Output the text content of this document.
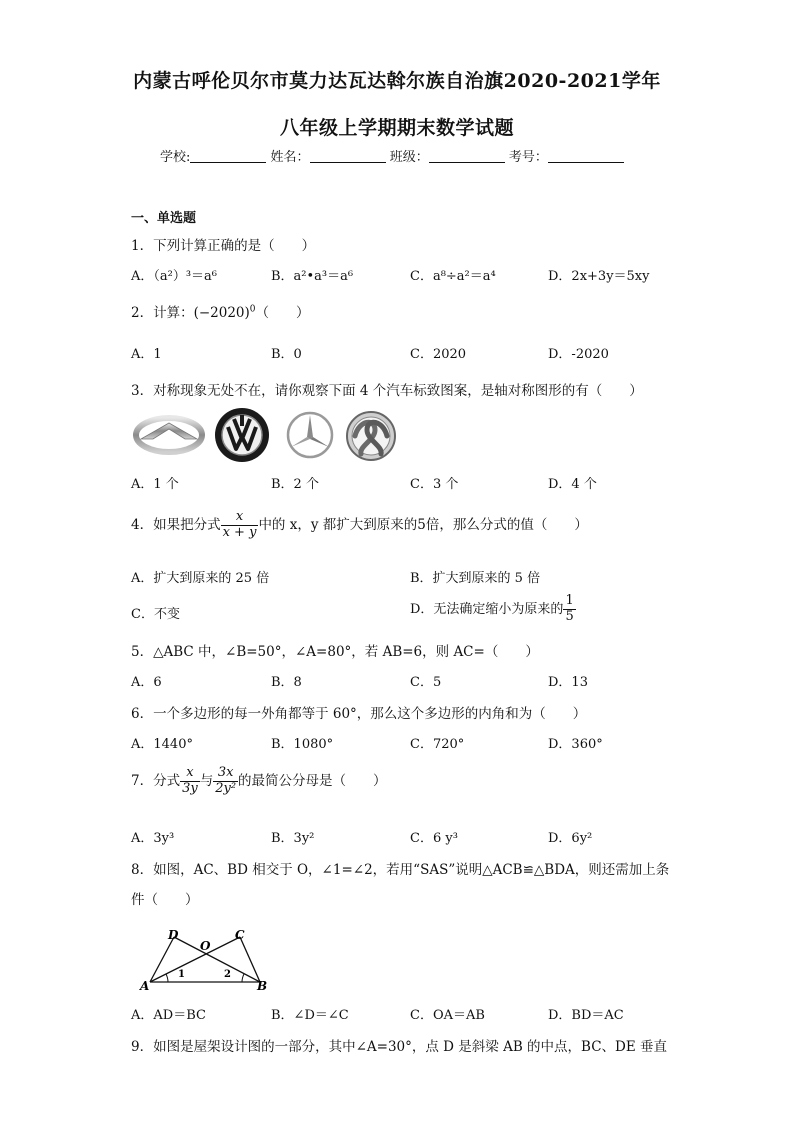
内蒙古呼伦贝尔市莫力达瓦达斡尔族自治旗2020-2021学年
八年级上学期期末数学试题
学校:	姓名：	班级：	考号：
一、单选题
1．下列计算正确的是（　　）
A．（a²）³＝a⁶	B．a²•a³＝a⁶	C．a⁸÷a²＝a⁴	D．2x+3y＝5xy
2．计算：$(-2020)^0$（　　）
A．1	B．0	C．2020	D．-2020
3．对称现象无处不在，请你观察下面 4 个汽车标致图案，是轴对称图形的有（　　）
A．1 个	B．2 个	C．3 个	D．4 个
4．如果把分式 $\frac{x}{x + y}$ 中的 x，y 都扩大到原来的5倍，那么分式的值（　　）
A．扩大到原来的 25 倍	B．扩大到原来的 5 倍
C．不变	D．无法确定缩小为原来的 $\frac{1}{5}$
5．△ABC 中，∠B=50°，∠A=80°，若 AB=6，则 AC=（　　）
A．6	B．8	C．5	D．13
6．一个多边形的每一外角都等于 60°，那么这个多边形的内角和为（　　）
A．1440°	B．1080°	C．720°	D．360°
7．分式 $\frac{x}{3y}$ 与 $\frac{3x}{\text{2y²}}$ 的最简公分母是（　　）
A．3y³	B．3y²	C．6 y³	D．6y²
8．如图，AC、BD 相交于 O，∠1=∠2，若用“SAS”说明△ACB≌△BDA，则还需加上条
件（　　）
D
O
C
A	B
1	2
A．AD＝BC	B．∠D＝∠C	C．OA＝AB	D．BD＝AC
9．如图是屋架设计图的一部分，其中∠A=30°，点 D 是斜梁 AB 的中点，BC、DE 垂直
